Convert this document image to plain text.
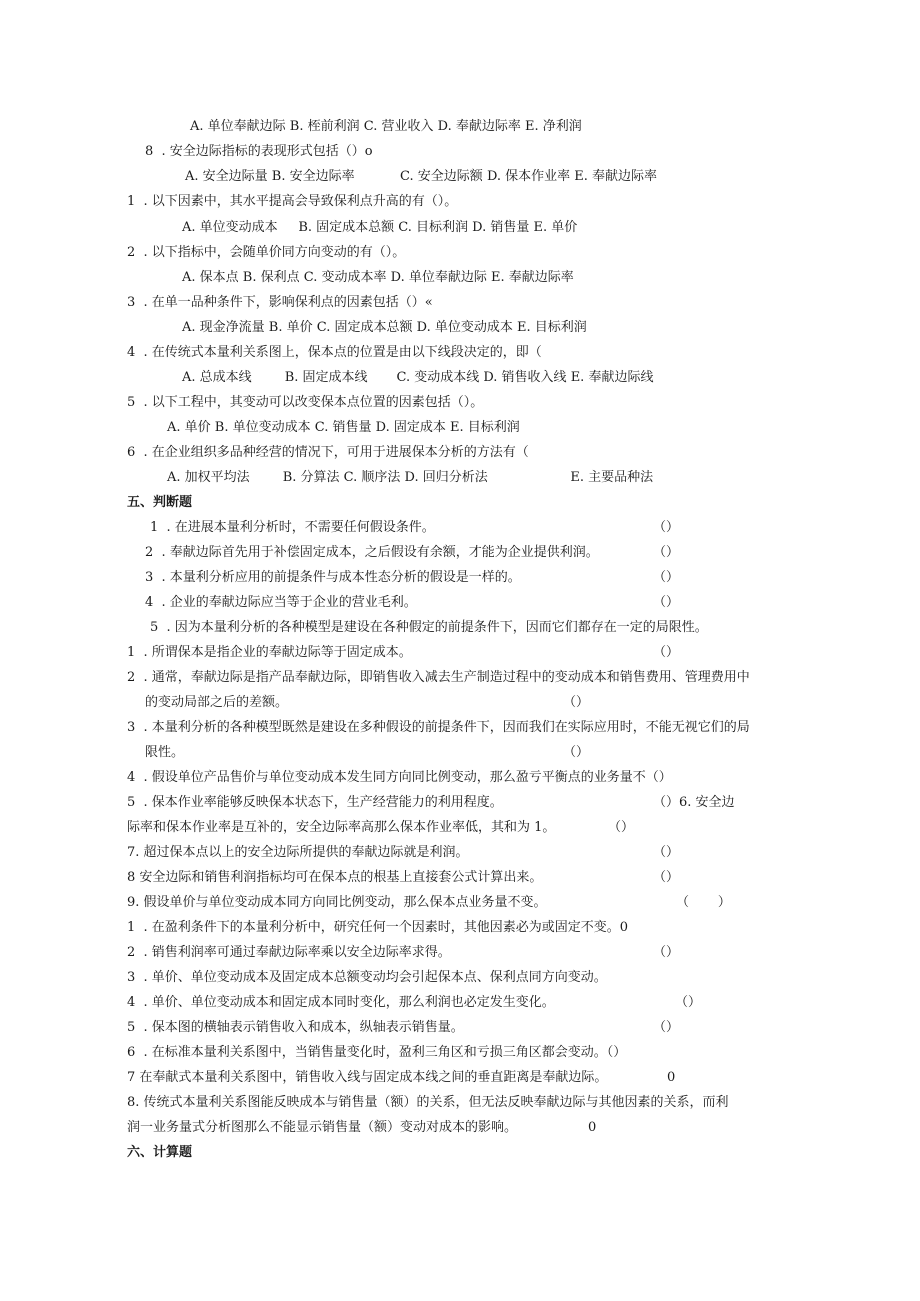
A. 单位奉献边际 B. 桎前利润 C. 营业收入 D. 奉献边际率 E. 净利润
8  . 安全边际指标的表现形式包括（）o
A. 安全边际量 B. 安全边际率           C. 安全边际额 D. 保本作业率 E. 奉献边际率
1  . 以下因素中，其水平提高会导致保利点升高的有（）。
A. 单位变动成本     B. 固定成本总额 C. 目标利润 D. 销售量 E. 单价
2  . 以下指标中，会随单价同方向变动的有（）。
A. 保本点 B. 保利点 C. 变动成本率 D. 单位奉献边际 E. 奉献边际率
3  . 在单一品种条件下，影响保利点的因素包括（）«
A. 现金净流量 B. 单价 C. 固定成本总额 D. 单位变动成本 E. 目标利润
4  . 在传统式本量利关系图上，保本点的位置是由以下线段决定的，即（
A. 总成本线        B. 固定成本线       C. 变动成本线 D. 销售收入线 E. 奉献边际线
5  . 以下工程中，其变动可以改变保本点位置的因素包括（）。
A. 单价 B. 单位变动成本 C. 销售量 D. 固定成本 E. 目标利润
6  . 在企业组织多品种经营的情况下，可用于进展保本分析的方法有（
A. 加权平均法        B. 分算法 C. 顺序法 D. 回归分析法                    E. 主要品种法
五、判断题
1  . 在进展本量利分析时，不需要任何假设条件。	（）
2  . 奉献边际首先用于补偿固定成本，之后假设有余额，才能为企业提供利润。	（）
3  . 本量利分析应用的前提条件与成本性态分析的假设是一样的。	（）
4  . 企业的奉献边际应当等于企业的营业毛利。	（）
5  . 因为本量利分析的各种模型是建设在各种假定的前提条件下，因而它们都存在一定的局限性。
1  . 所谓保本是指企业的奉献边际等于固定成本。	（）
2  . 通常，奉献边际是指产品奉献边际，即销售收入减去生产制造过程中的变动成本和销售费用、管理费用中
的变动局部之后的差额。	（）
3  . 本量利分析的各种模型既然是建设在多种假设的前提条件下，因而我们在实际应用时，不能无视它们的局
限性。	（）
4  . 假设单位产品售价与单位变动成本发生同方向同比例变动，那么盈亏平衡点的业务量不（）
5  . 保本作业率能够反映保本状态下，生产经营能力的利用程度。	（）6. 安全边
际率和保本作业率是互补的，安全边际率高那么保本作业率低，其和为 1。	（）
7. 超过保本点以上的安全边际所提供的奉献边际就是利润。	（）
8 安全边际和销售利润指标均可在保本点的根基上直接套公式计算出来。	（）
9. 假设单价与单位变动成本同方向同比例变动，那么保本点业务量不变。	（       ）
1  . 在盈利条件下的本量利分析中，研究任何一个因素时，其他因素必为或固定不变。0
2  . 销售利润率可通过奉献边际率乘以安全边际率求得。	（）
3  . 单价、单位变动成本及固定成本总额变动均会引起保本点、保利点同方向变动。
4  . 单价、单位变动成本和固定成本同时变化，那么利润也必定发生变化。	（）
5  . 保本图的横轴表示销售收入和成本，纵轴表示销售量。	（）
6  . 在标准本量利关系图中，当销售量变化时，盈利三角区和亏损三角区都会变动。（）
7 在奉献式本量利关系图中，销售收入线与固定成本线之间的垂直距离是奉献边际。	0
8. 传统式本量利关系图能反映成本与销售量（额）的关系，但无法反映奉献边际与其他因素的关系，而利
润一业务量式分析图那么不能显示销售量（额）变动对成本的影响。	0
六、计算题
